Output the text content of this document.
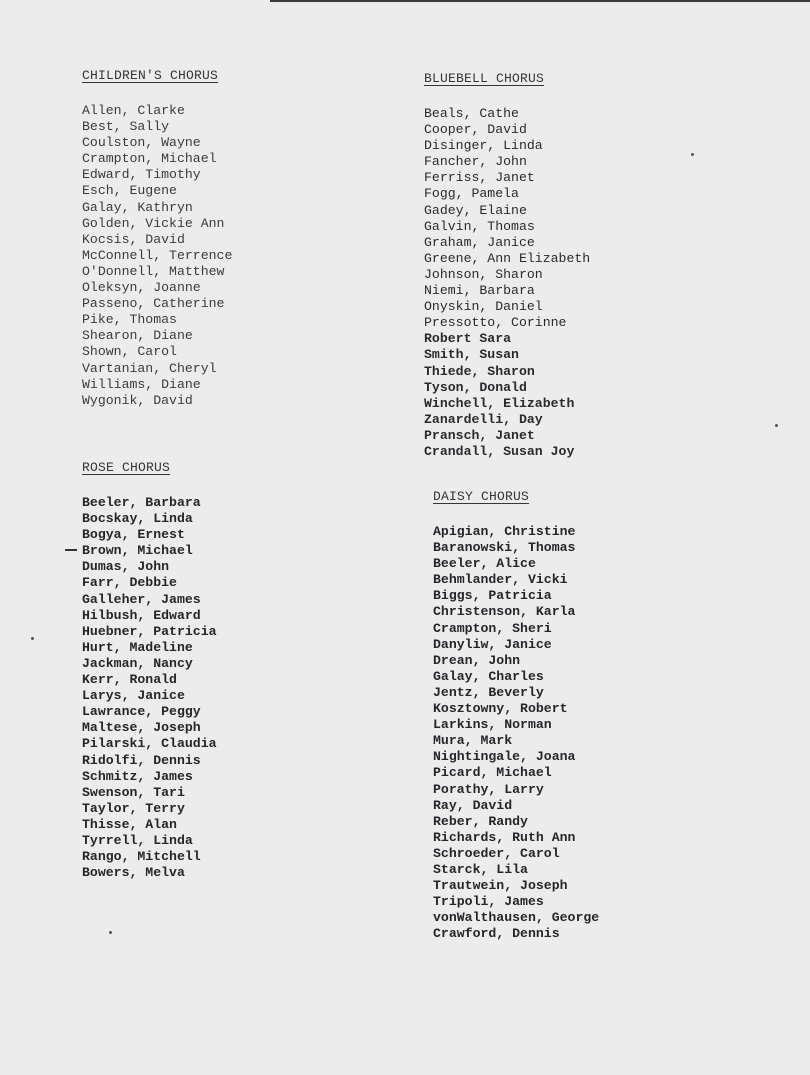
CHILDREN'S CHORUS
Allen, Clarke
Best, Sally
Coulston, Wayne
Crampton, Michael
Edward, Timothy
Esch, Eugene
Galay, Kathryn
Golden, Vickie Ann
Kocsis, David
McConnell, Terrence
O'Donnell, Matthew
Oleksyn, Joanne
Passeno, Catherine
Pike, Thomas
Shearon, Diane
Shown, Carol
Vartanian, Cheryl
Williams, Diane
Wygonik, David
BLUEBELL CHORUS
Beals, Cathe
Cooper, David
Disinger, Linda
Fancher, John
Ferriss, Janet
Fogg, Pamela
Gadey, Elaine
Galvin, Thomas
Graham, Janice
Greene, Ann Elizabeth
Johnson, Sharon
Niemi, Barbara
Onyskin, Daniel
Pressotto, Corinne
Robert Sara
Smith, Susan
Thiede, Sharon
Tyson, Donald
Winchell, Elizabeth
Zanardelli, Day
Pransch, Janet
Crandall, Susan Joy
ROSE CHORUS
Beeler, Barbara
Bocskay, Linda
Bogya, Ernest
Brown, Michael
Dumas, John
Farr, Debbie
Galleher, James
Hilbush, Edward
Huebner, Patricia
Hurt, Madeline
Jackman, Nancy
Kerr, Ronald
Larys, Janice
Lawrance, Peggy
Maltese, Joseph
Pilarski, Claudia
Ridolfi, Dennis
Schmitz, James
Swenson, Tari
Taylor, Terry
Thisse, Alan
Tyrrell, Linda
Rango, Mitchell
Bowers, Melva
DAISY CHORUS
Apigian, Christine
Baranowski, Thomas
Beeler, Alice
Behmlander, Vicki
Biggs, Patricia
Christenson, Karla
Crampton, Sheri
Danyliw, Janice
Drean, John
Galay, Charles
Jentz, Beverly
Kosztowny, Robert
Larkins, Norman
Mura, Mark
Nightingale, Joana
Picard, Michael
Porathy, Larry
Ray, David
Reber, Randy
Richards, Ruth Ann
Schroeder, Carol
Starck, Lila
Trautwein, Joseph
Tripoli, James
vonWalthausen, George
Crawford, Dennis
